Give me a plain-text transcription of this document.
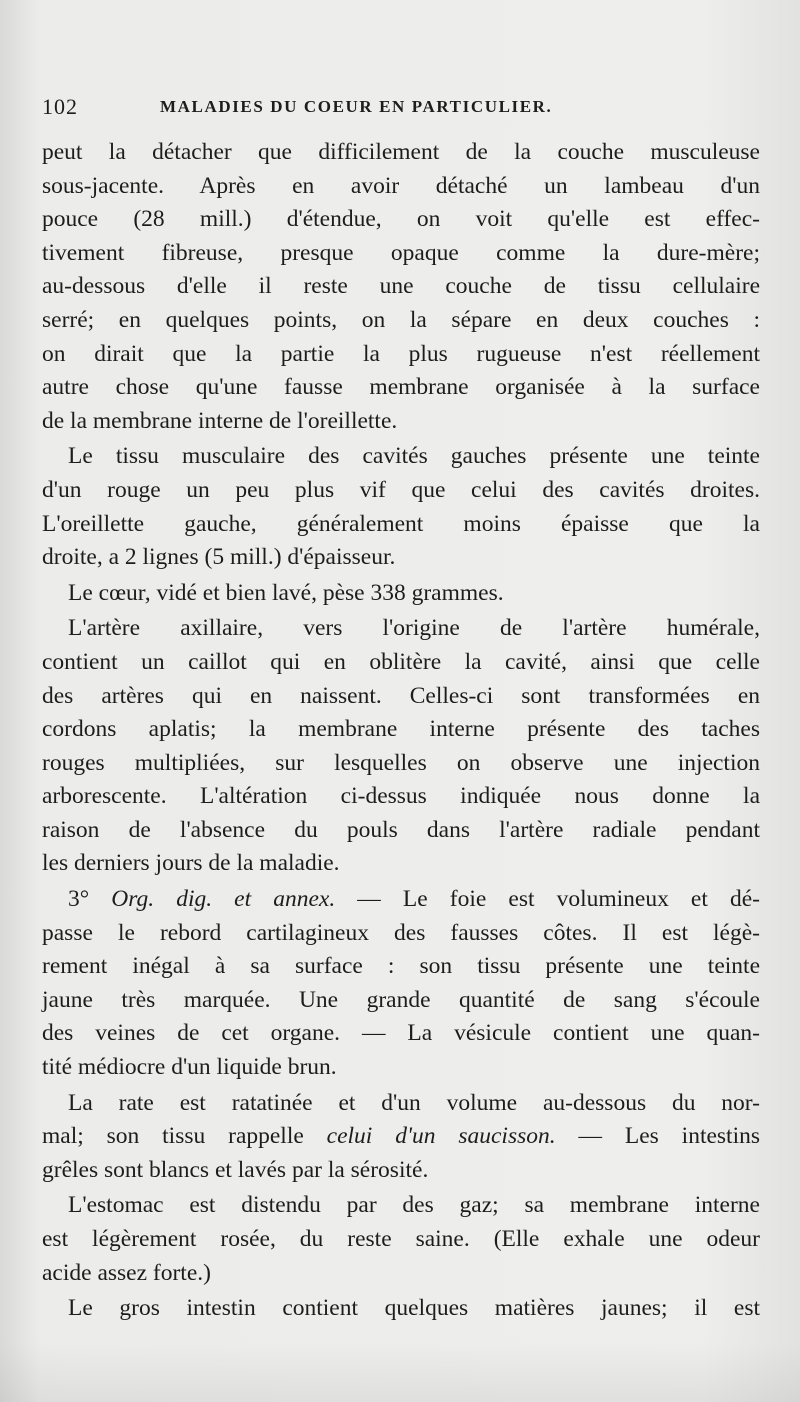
102	MALADIES DU COEUR EN PARTICULIER.
peut la détacher que difficilement de la couche musculeuse
sous-jacente. Après en avoir détaché un lambeau d'un
pouce (28 mill.) d'étendue, on voit qu'elle est effec-
tivement fibreuse, presque opaque comme la dure-mère;
au-dessous d'elle il reste une couche de tissu cellulaire
serré; en quelques points, on la sépare en deux couches :
on dirait que la partie la plus rugueuse n'est réellement
autre chose qu'une fausse membrane organisée à la surface
de la membrane interne de l'oreillette.
Le tissu musculaire des cavités gauches présente une teinte
d'un rouge un peu plus vif que celui des cavités droites.
L'oreillette gauche, généralement moins épaisse que la
droite, a 2 lignes (5 mill.) d'épaisseur.
Le cœur, vidé et bien lavé, pèse 338 grammes.
L'artère axillaire, vers l'origine de l'artère humérale,
contient un caillot qui en oblitère la cavité, ainsi que celle
des artères qui en naissent. Celles-ci sont transformées en
cordons aplatis; la membrane interne présente des taches
rouges multipliées, sur lesquelles on observe une injection
arborescente. L'altération ci-dessus indiquée nous donne la
raison de l'absence du pouls dans l'artère radiale pendant
les derniers jours de la maladie.
3° Org. dig. et annex. — Le foie est volumineux et dé-
passe le rebord cartilagineux des fausses côtes. Il est légè-
rement inégal à sa surface : son tissu présente une teinte
jaune très marquée. Une grande quantité de sang s'écoule
des veines de cet organe. — La vésicule contient une quan-
tité médiocre d'un liquide brun.
La rate est ratatinée et d'un volume au-dessous du nor-
mal; son tissu rappelle celui d'un saucisson. — Les intestins
grêles sont blancs et lavés par la sérosité.
L'estomac est distendu par des gaz; sa membrane interne
est légèrement rosée, du reste saine. (Elle exhale une odeur
acide assez forte.)
Le gros intestin contient quelques matières jaunes; il est
